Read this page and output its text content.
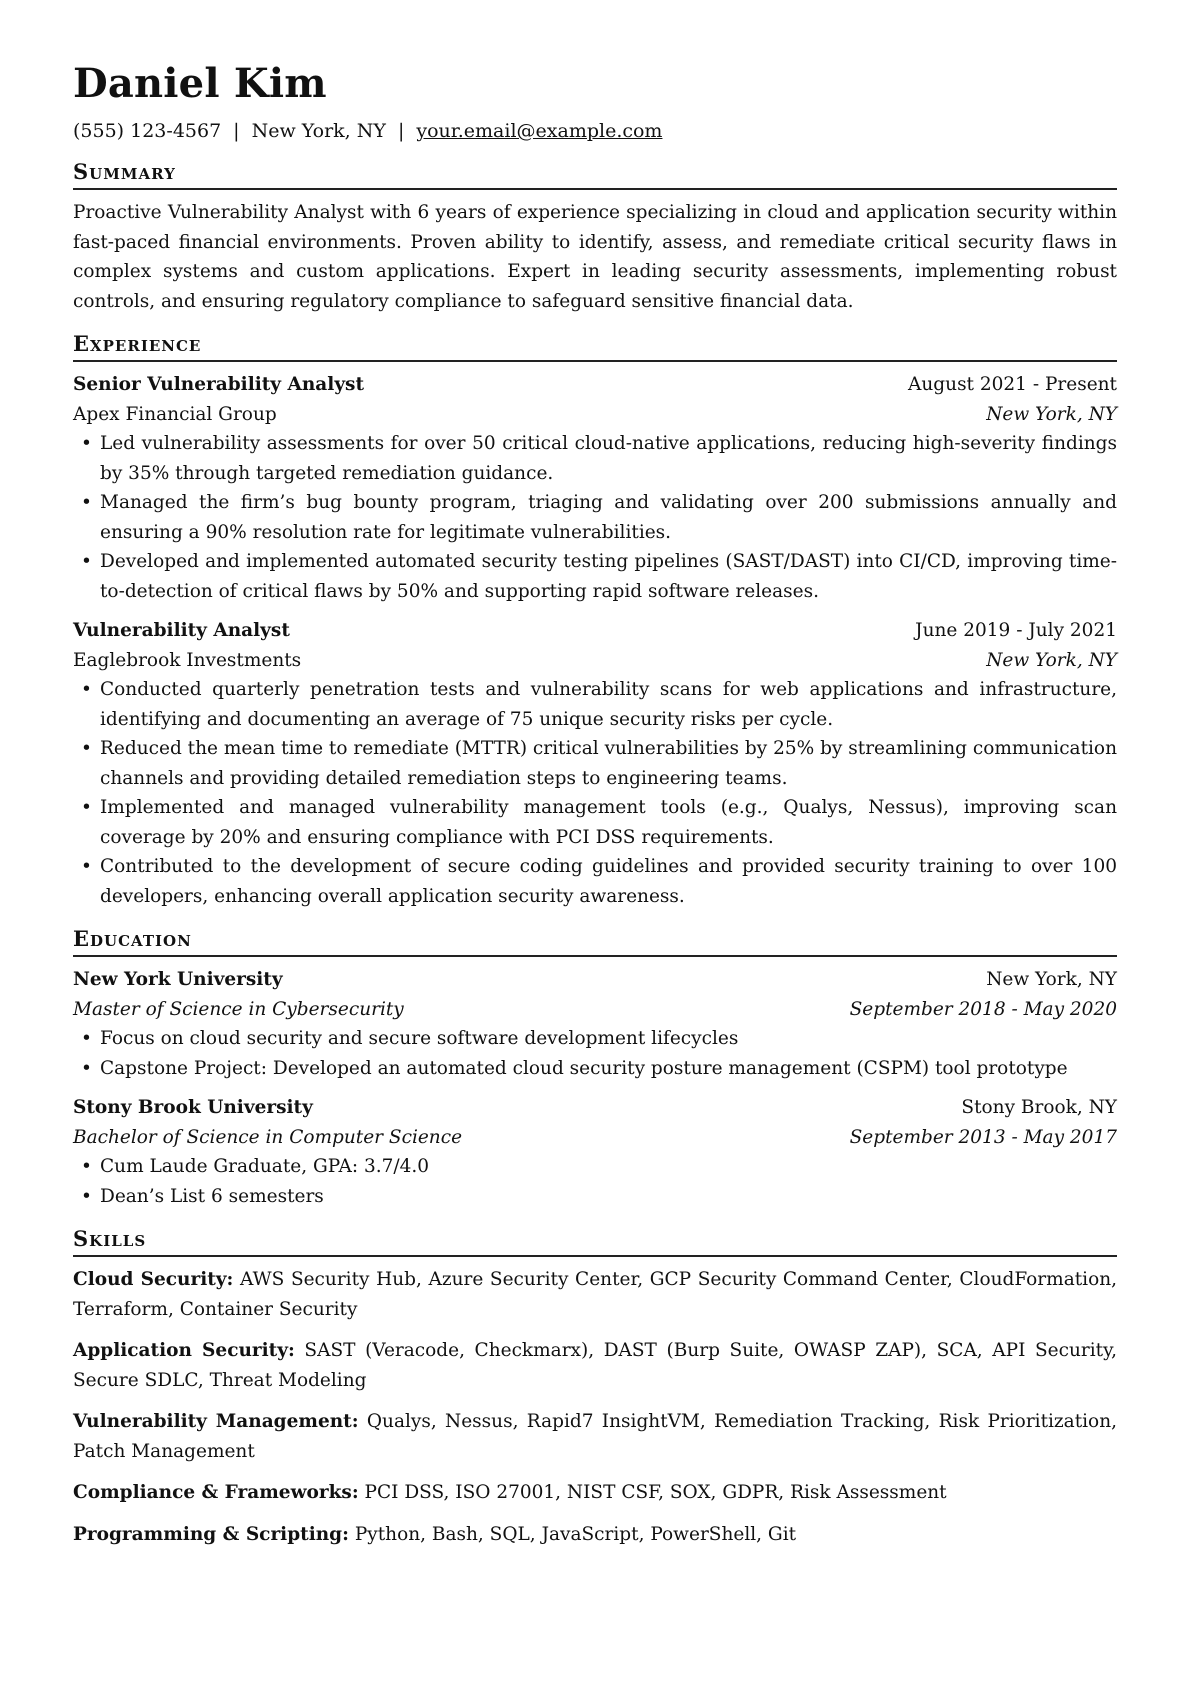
Daniel Kim
(555) 123-4567 | New York, NY | your.email@example.com
Summary
Proactive Vulnerability Analyst with 6 years of experience specializing in cloud and application security within fast-paced financial environments. Proven ability to identify, assess, and remediate critical security flaws in complex systems and custom applications. Expert in leading security assessments, implementing robust controls, and ensuring regulatory compliance to safeguard sensitive financial data.
Experience
Senior Vulnerability Analyst	August 2021 - Present
Apex Financial Group	New York, NY
• Led vulnerability assessments for over 50 critical cloud-native applications, reducing high-severity findings by 35% through targeted remediation guidance.
• Managed the firm’s bug bounty program, triaging and validating over 200 submissions annually and ensuring a 90% resolution rate for legitimate vulnerabilities.
• Developed and implemented automated security testing pipelines (SAST/DAST) into CI/CD, improving time-to-detection of critical flaws by 50% and supporting rapid software releases.
Vulnerability Analyst	June 2019 - July 2021
Eaglebrook Investments	New York, NY
• Conducted quarterly penetration tests and vulnerability scans for web applications and infrastructure, identifying and documenting an average of 75 unique security risks per cycle.
• Reduced the mean time to remediate (MTTR) critical vulnerabilities by 25% by streamlining communication channels and providing detailed remediation steps to engineering teams.
• Implemented and managed vulnerability management tools (e.g., Qualys, Nessus), improving scan coverage by 20% and ensuring compliance with PCI DSS requirements.
• Contributed to the development of secure coding guidelines and provided security training to over 100 developers, enhancing overall application security awareness.
Education
New York University	New York, NY
Master of Science in Cybersecurity	September 2018 - May 2020
• Focus on cloud security and secure software development lifecycles
• Capstone Project: Developed an automated cloud security posture management (CSPM) tool prototype
Stony Brook University	Stony Brook, NY
Bachelor of Science in Computer Science	September 2013 - May 2017
• Cum Laude Graduate, GPA: 3.7/4.0
• Dean’s List 6 semesters
Skills
Cloud Security: AWS Security Hub, Azure Security Center, GCP Security Command Center, CloudFormation, Terraform, Container Security
Application Security: SAST (Veracode, Checkmarx), DAST (Burp Suite, OWASP ZAP), SCA, API Security, Secure SDLC, Threat Modeling
Vulnerability Management: Qualys, Nessus, Rapid7 InsightVM, Remediation Tracking, Risk Prioritization, Patch Management
Compliance & Frameworks: PCI DSS, ISO 27001, NIST CSF, SOX, GDPR, Risk Assessment
Programming & Scripting: Python, Bash, SQL, JavaScript, PowerShell, Git
